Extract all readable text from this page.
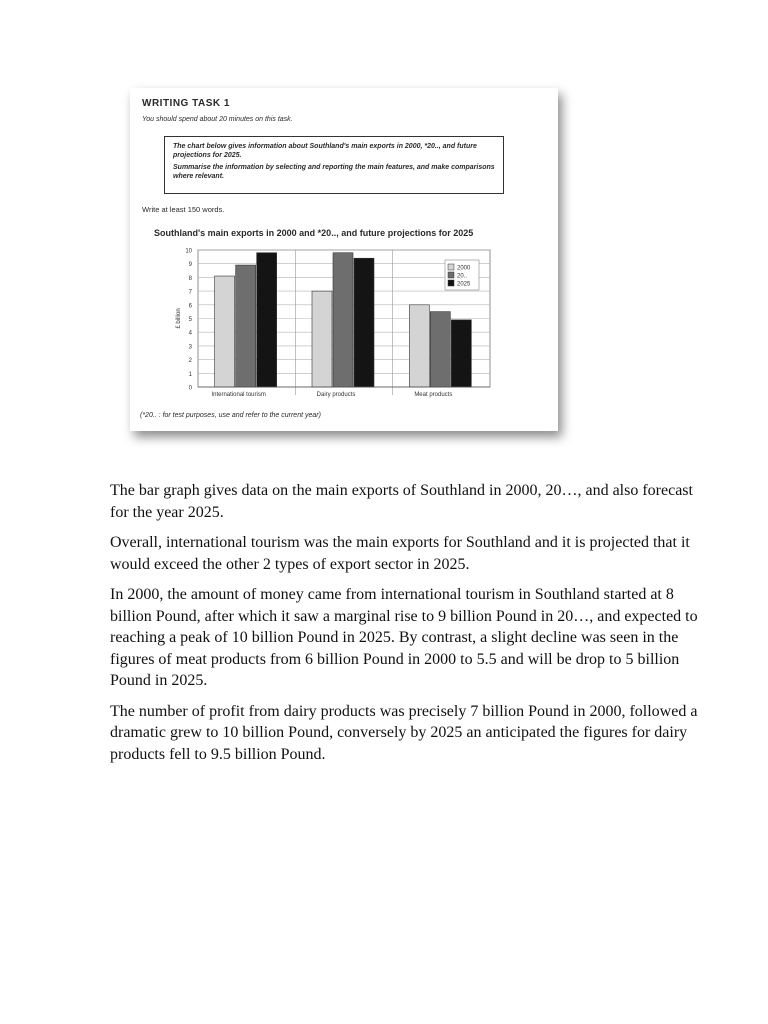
WRITING TASK 1
You should spend about 20 minutes on this task.

The chart below gives information about Southland's main exports in 2000, *20.., and future projections for 2025.

Summarise the information by selecting and reporting the main features, and make comparisons where relevant.

Write at least 150 words.
Southland's main exports in 2000 and *20.., and future projections for 2025
0
1
2
3
4
5
6
7
8
9
10
£ billion
International tourism	Dairy products	Meat products
2000
20..
2025
(*20.. : for test purposes, use and refer to the current year)

The bar graph gives data on the main exports of Southland in 2000, 20…, and also forecast for the year 2025.

Overall, international tourism was the main exports for Southland and it is projected that it would exceed the other 2 types of export sector in 2025.

In 2000, the amount of money came from international tourism in Southland started at 8 billion Pound, after which it saw a marginal rise to 9 billion Pound in 20…, and expected to reaching a peak of 10 billion Pound in 2025. By contrast, a slight decline was seen in the figures of meat products from 6 billion Pound in 2000 to 5.5 and will be drop to 5 billion Pound in 2025.

The number of profit from dairy products was precisely 7 billion Pound in 2000, followed a dramatic grew to 10 billion Pound, conversely by 2025 an anticipated the figures for dairy products fell to 9.5 billion Pound.
